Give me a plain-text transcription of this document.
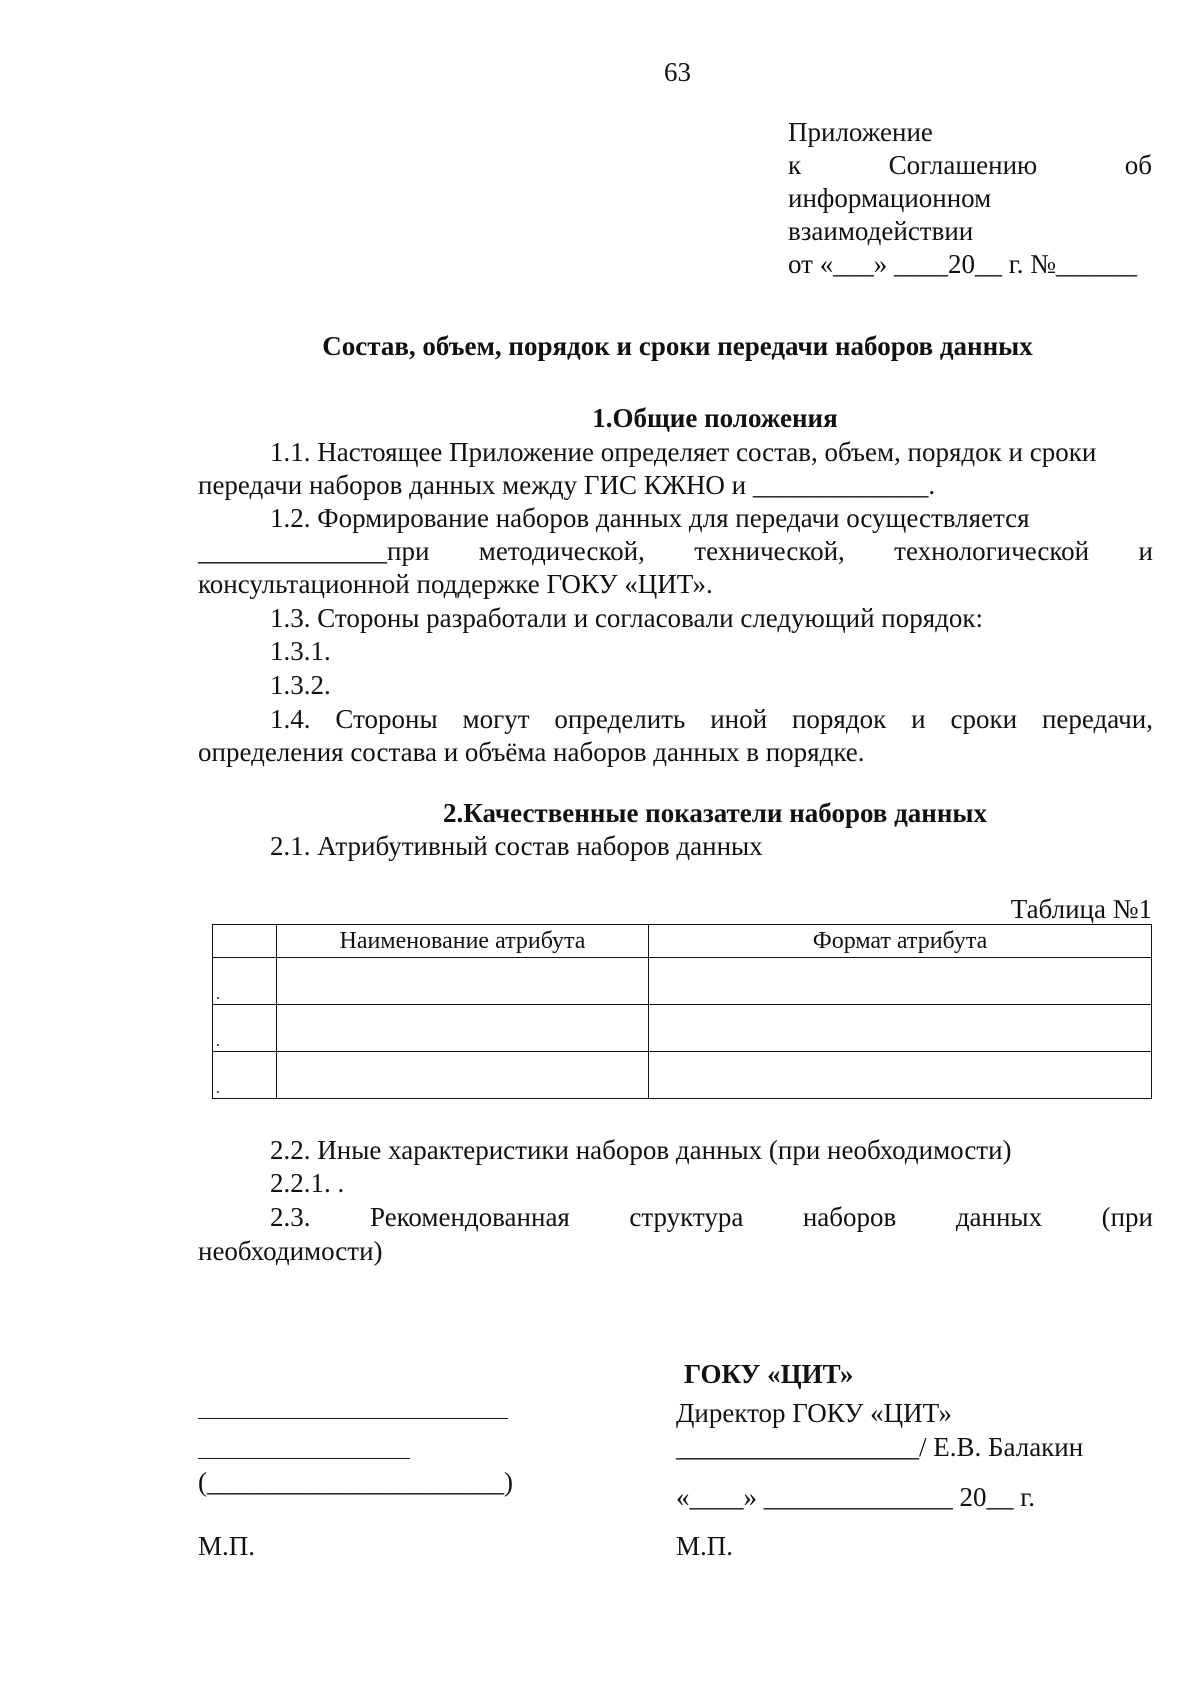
63
Приложение
к	Соглашению	об
информационном
взаимодействии
от «___» ____20__ г. №______
Состав, объем, порядок и сроки передачи наборов данных
1.Общие положения
1.1. Настоящее Приложение определяет состав, объем, порядок и сроки
передачи наборов данных между ГИС КЖНО и _____________.
1.2. Формирование наборов данных для передачи осуществляется
______________при методической, технической, технологической и
консультационной поддержке ГОКУ «ЦИТ».
1.3. Стороны разработали и согласовали следующий порядок:
1.3.1.
1.3.2.
1.4. Стороны могут определить иной порядок и сроки передачи,
определения состава и объёма наборов данных в порядке.
2.Качественные показатели наборов данных
2.1. Атрибутивный состав наборов данных
Таблица №1
	Наименование атрибута	Формат атрибута
.		
.		
.		
2.2. Иные характеристики наборов данных (при необходимости)
2.2.1. .
2.3. Рекомендованная структура наборов данных (при
необходимости)
(______________________)
М.П.
ГОКУ «ЦИТ»
Директор ГОКУ «ЦИТ»
__________________/ Е.В. Балакин
«____» ______________ 20__ г.
М.П.
